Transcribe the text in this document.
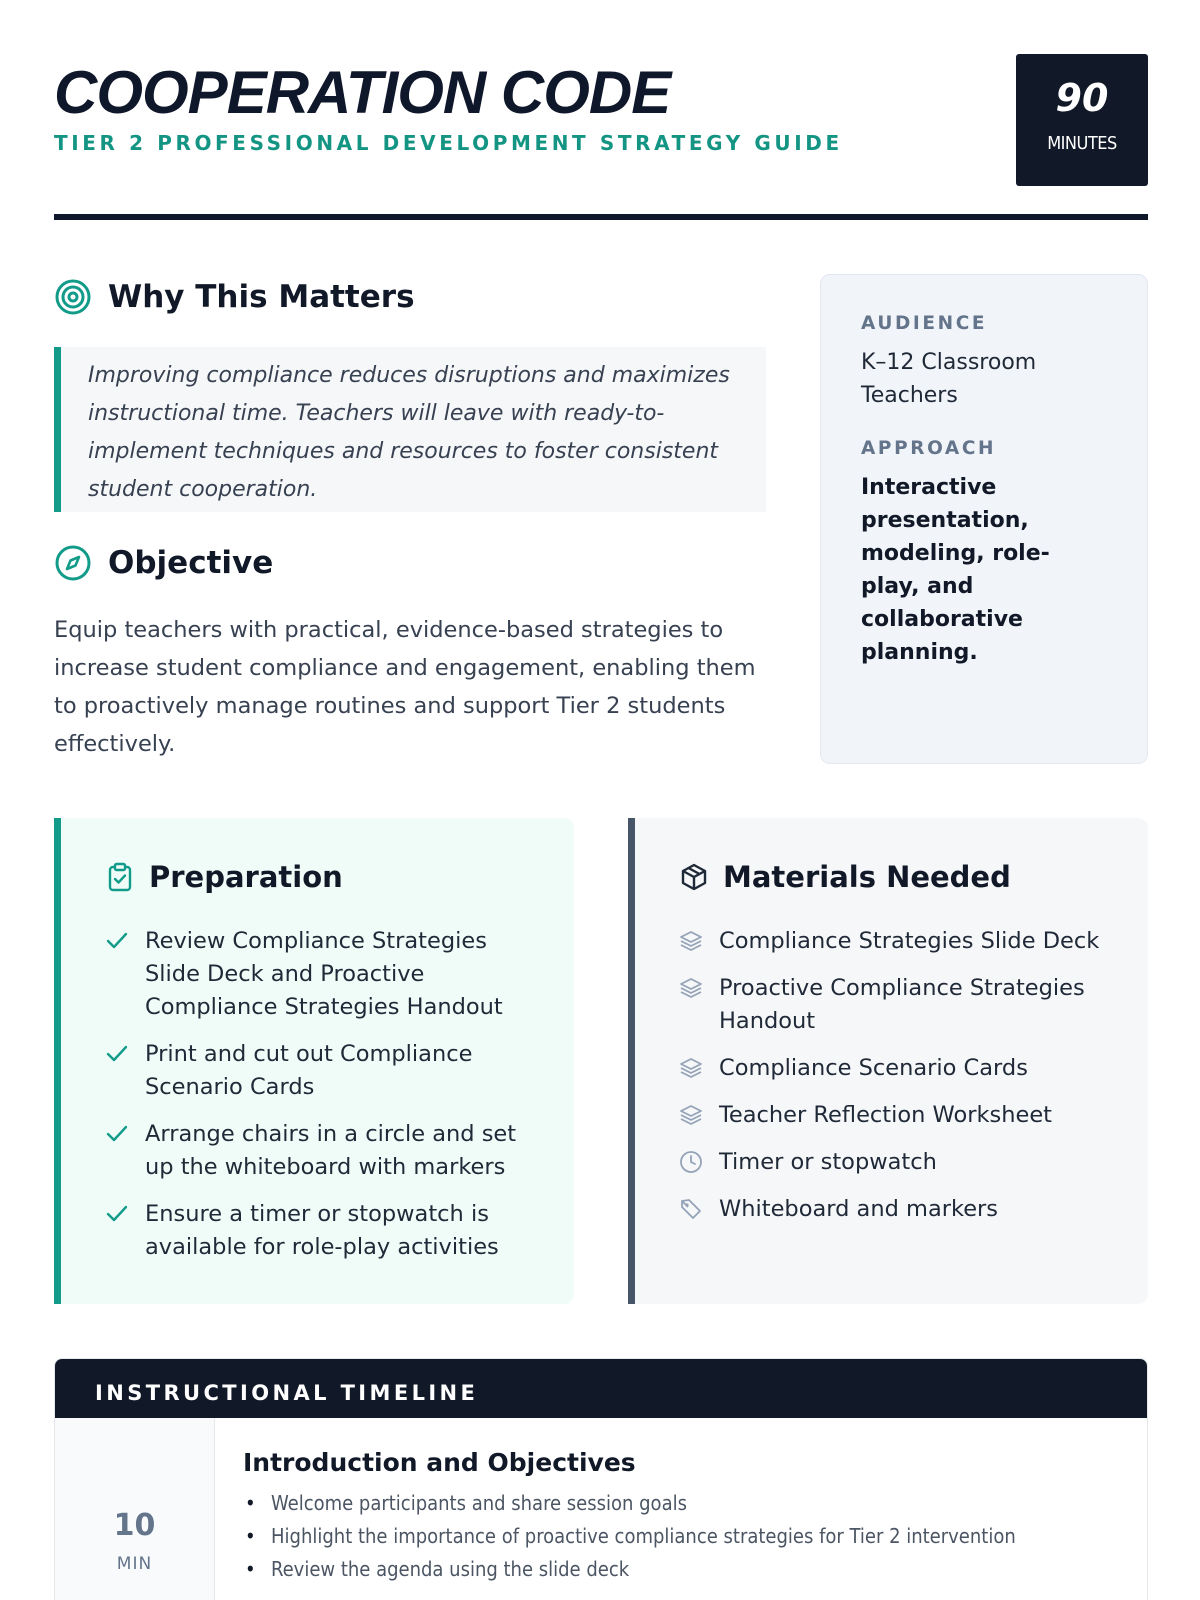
COOPERATION CODE
TIER 2 PROFESSIONAL DEVELOPMENT STRATEGY GUIDE
90
MINUTES
Why This Matters
Improving compliance reduces disruptions and maximizes instructional time. Teachers will leave with ready-to-implement techniques and resources to foster consistent student cooperation.
Objective
Equip teachers with practical, evidence-based strategies to increase student compliance and engagement, enabling them to proactively manage routines and support Tier 2 students effectively.
AUDIENCE
K–12 Classroom Teachers
APPROACH
Interactive presentation, modeling, role-play, and collaborative planning.
Preparation
Review Compliance Strategies Slide Deck and Proactive Compliance Strategies Handout
Print and cut out Compliance Scenario Cards
Arrange chairs in a circle and set up the whiteboard with markers
Ensure a timer or stopwatch is available for role-play activities
Materials Needed
Compliance Strategies Slide Deck
Proactive Compliance Strategies Handout
Compliance Scenario Cards
Teacher Reflection Worksheet
Timer or stopwatch
Whiteboard and markers
INSTRUCTIONAL TIMELINE
10
MIN
Introduction and Objectives
• Welcome participants and share session goals
• Highlight the importance of proactive compliance strategies for Tier 2 intervention
• Review the agenda using the slide deck
